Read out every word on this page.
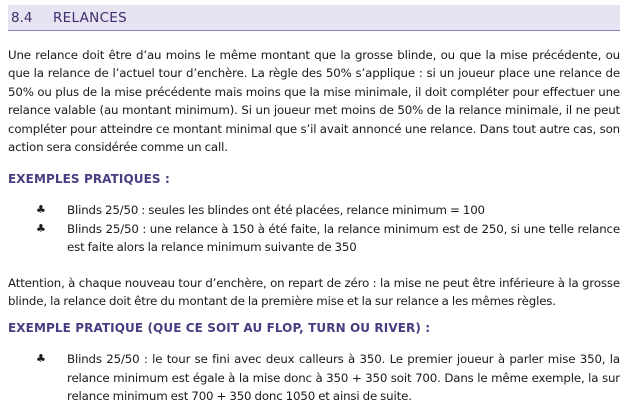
8.4	RELANCES

Une relance doit être d’au moins le même montant que la grosse blinde, ou que la mise précédente, ou que la relance de l’actuel tour d’enchère. La règle des 50% s’applique : si un joueur place une relance de 50% ou plus de la mise précédente mais moins que la mise minimale, il doit compléter pour effectuer une relance valable (au montant minimum). Si un joueur met moins de 50% de la relance minimale, il ne peut compléter pour atteindre ce montant minimal que s’il avait annoncé une relance. Dans tout autre cas, son action sera considérée comme un call.

EXEMPLES PRATIQUES :

♣ Blinds 25/50 : seules les blindes ont été placées, relance minimum = 100
♣ Blinds 25/50 : une relance à 150 à été faite, la relance minimum est de 250, si une telle relance est faite alors la relance minimum suivante de 350

Attention, à chaque nouveau tour d’enchère, on repart de zéro : la mise ne peut être inférieure à la grosse blinde, la relance doit être du montant de la première mise et la sur relance a les mêmes règles.

EXEMPLE PRATIQUE (QUE CE SOIT AU FLOP, TURN OU RIVER) :

♣ Blinds 25/50 : le tour se fini avec deux calleurs à 350. Le premier joueur à parler mise 350, la relance minimum est égale à la mise donc à 350 + 350 soit 700. Dans le même exemple, la sur relance minimum est 700 + 350 donc 1050 et ainsi de suite.
